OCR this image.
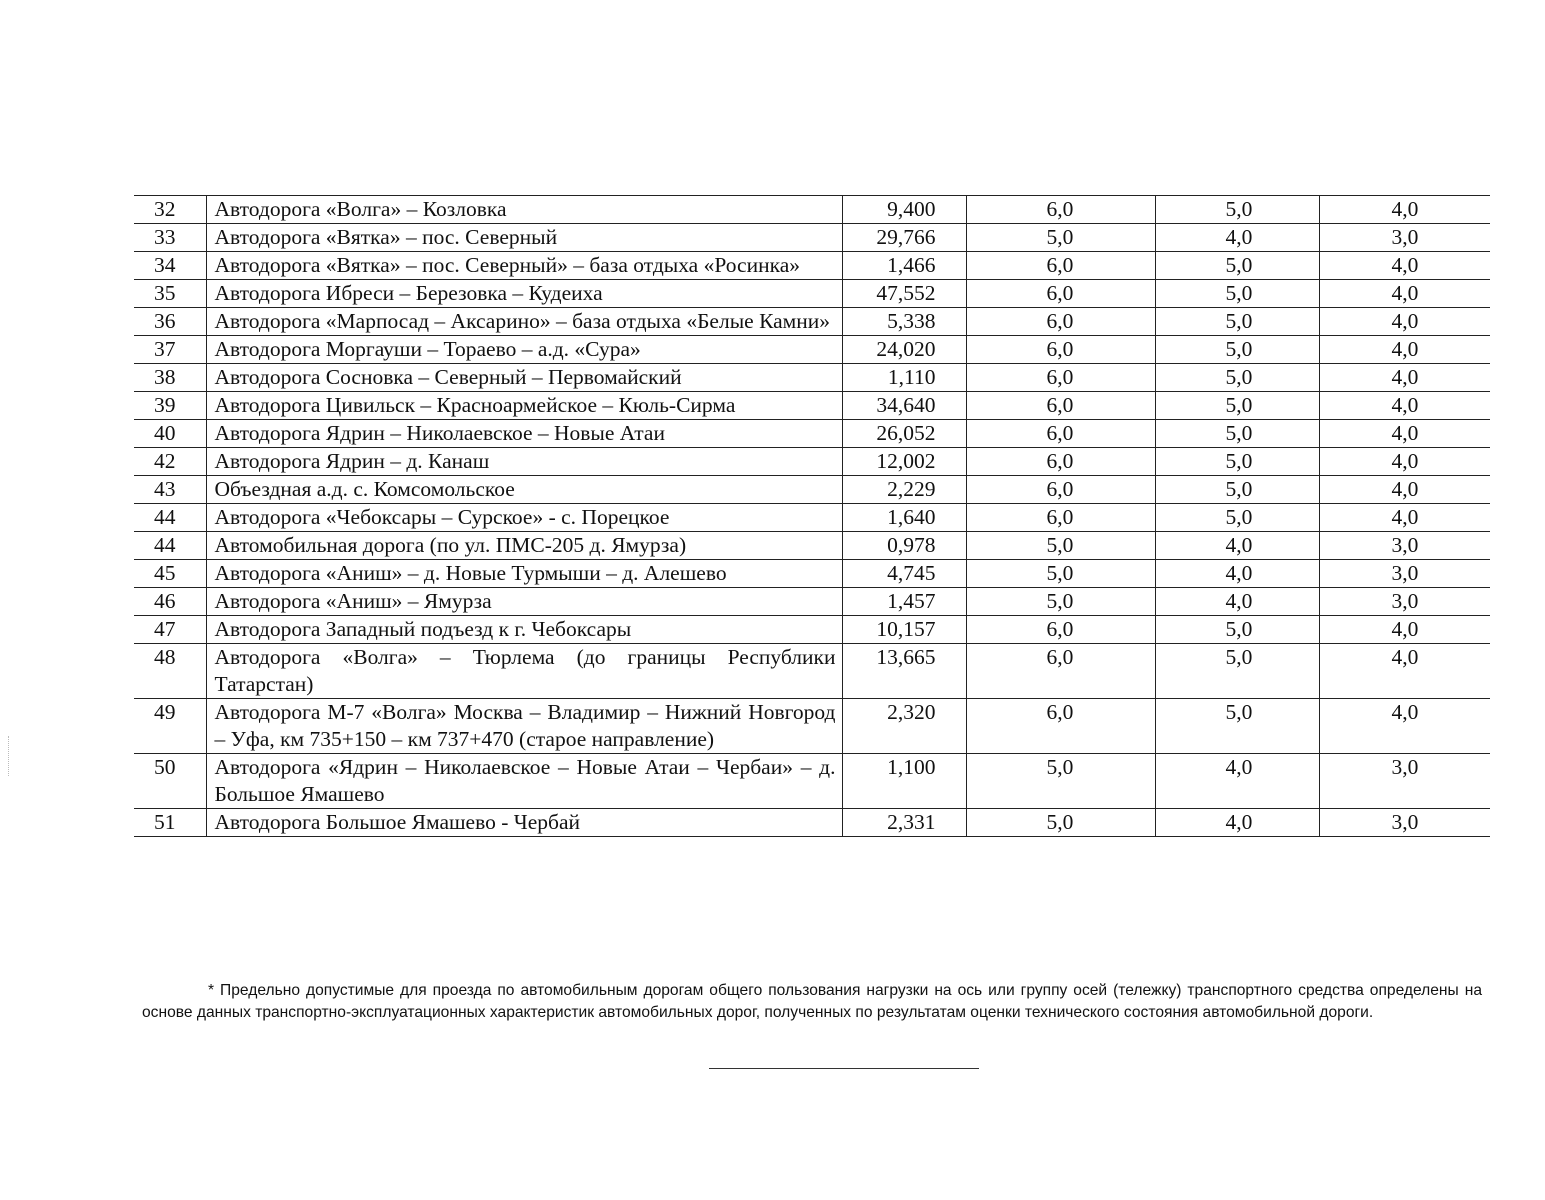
32	Автодорога «Волга» – Козловка	9,400	6,0	5,0	4,0
33	Автодорога «Вятка» – пос. Северный	29,766	5,0	4,0	3,0
34	Автодорога «Вятка» – пос. Северный» – база отдыха «Росинка»	1,466	6,0	5,0	4,0
35	Автодорога Ибреси – Березовка – Кудеиха	47,552	6,0	5,0	4,0
36	Автодорога «Марпосад – Аксарино» – база отдыха «Белые Камни»	5,338	6,0	5,0	4,0
37	Автодорога Моргауши – Тораево – а.д. «Сура»	24,020	6,0	5,0	4,0
38	Автодорога Сосновка – Северный – Первомайский	1,110	6,0	5,0	4,0
39	Автодорога Цивильск – Красноармейское – Кюль-Сирма	34,640	6,0	5,0	4,0
40	Автодорога Ядрин – Николаевское – Новые Атаи	26,052	6,0	5,0	4,0
42	Автодорога Ядрин – д. Канаш	12,002	6,0	5,0	4,0
43	Объездная а.д. с. Комсомольское	2,229	6,0	5,0	4,0
44	Автодорога «Чебоксары – Сурское» - с. Порецкое	1,640	6,0	5,0	4,0
44	Автомобильная дорога (по ул. ПМС-205 д. Ямурза)	0,978	5,0	4,0	3,0
45	Автодорога «Аниш» – д. Новые Турмыши – д. Алешево	4,745	5,0	4,0	3,0
46	Автодорога «Аниш» – Ямурза	1,457	5,0	4,0	3,0
47	Автодорога Западный подъезд к г. Чебоксары	10,157	6,0	5,0	4,0
48	Автодорога «Волга» – Тюрлема (до границы Республики Татарстан)	13,665	6,0	5,0	4,0
49	Автодорога М-7 «Волга» Москва – Владимир – Нижний Новгород – Уфа, км 735+150 – км 737+470 (старое направление)	2,320	6,0	5,0	4,0
50	Автодорога «Ядрин – Николаевское – Новые Атаи – Чербаи» – д. Большое Ямашево	1,100	5,0	4,0	3,0
51	Автодорога Большое Ямашево - Чербай	2,331	5,0	4,0	3,0
* Предельно допустимые для проезда по автомобильным дорогам общего пользования нагрузки на ось или группу осей (тележку) транспортного средства определены на основе данных транспортно-эксплуатационных характеристик автомобильных дорог, полученных по результатам оценки технического состояния автомобильной дороги.
